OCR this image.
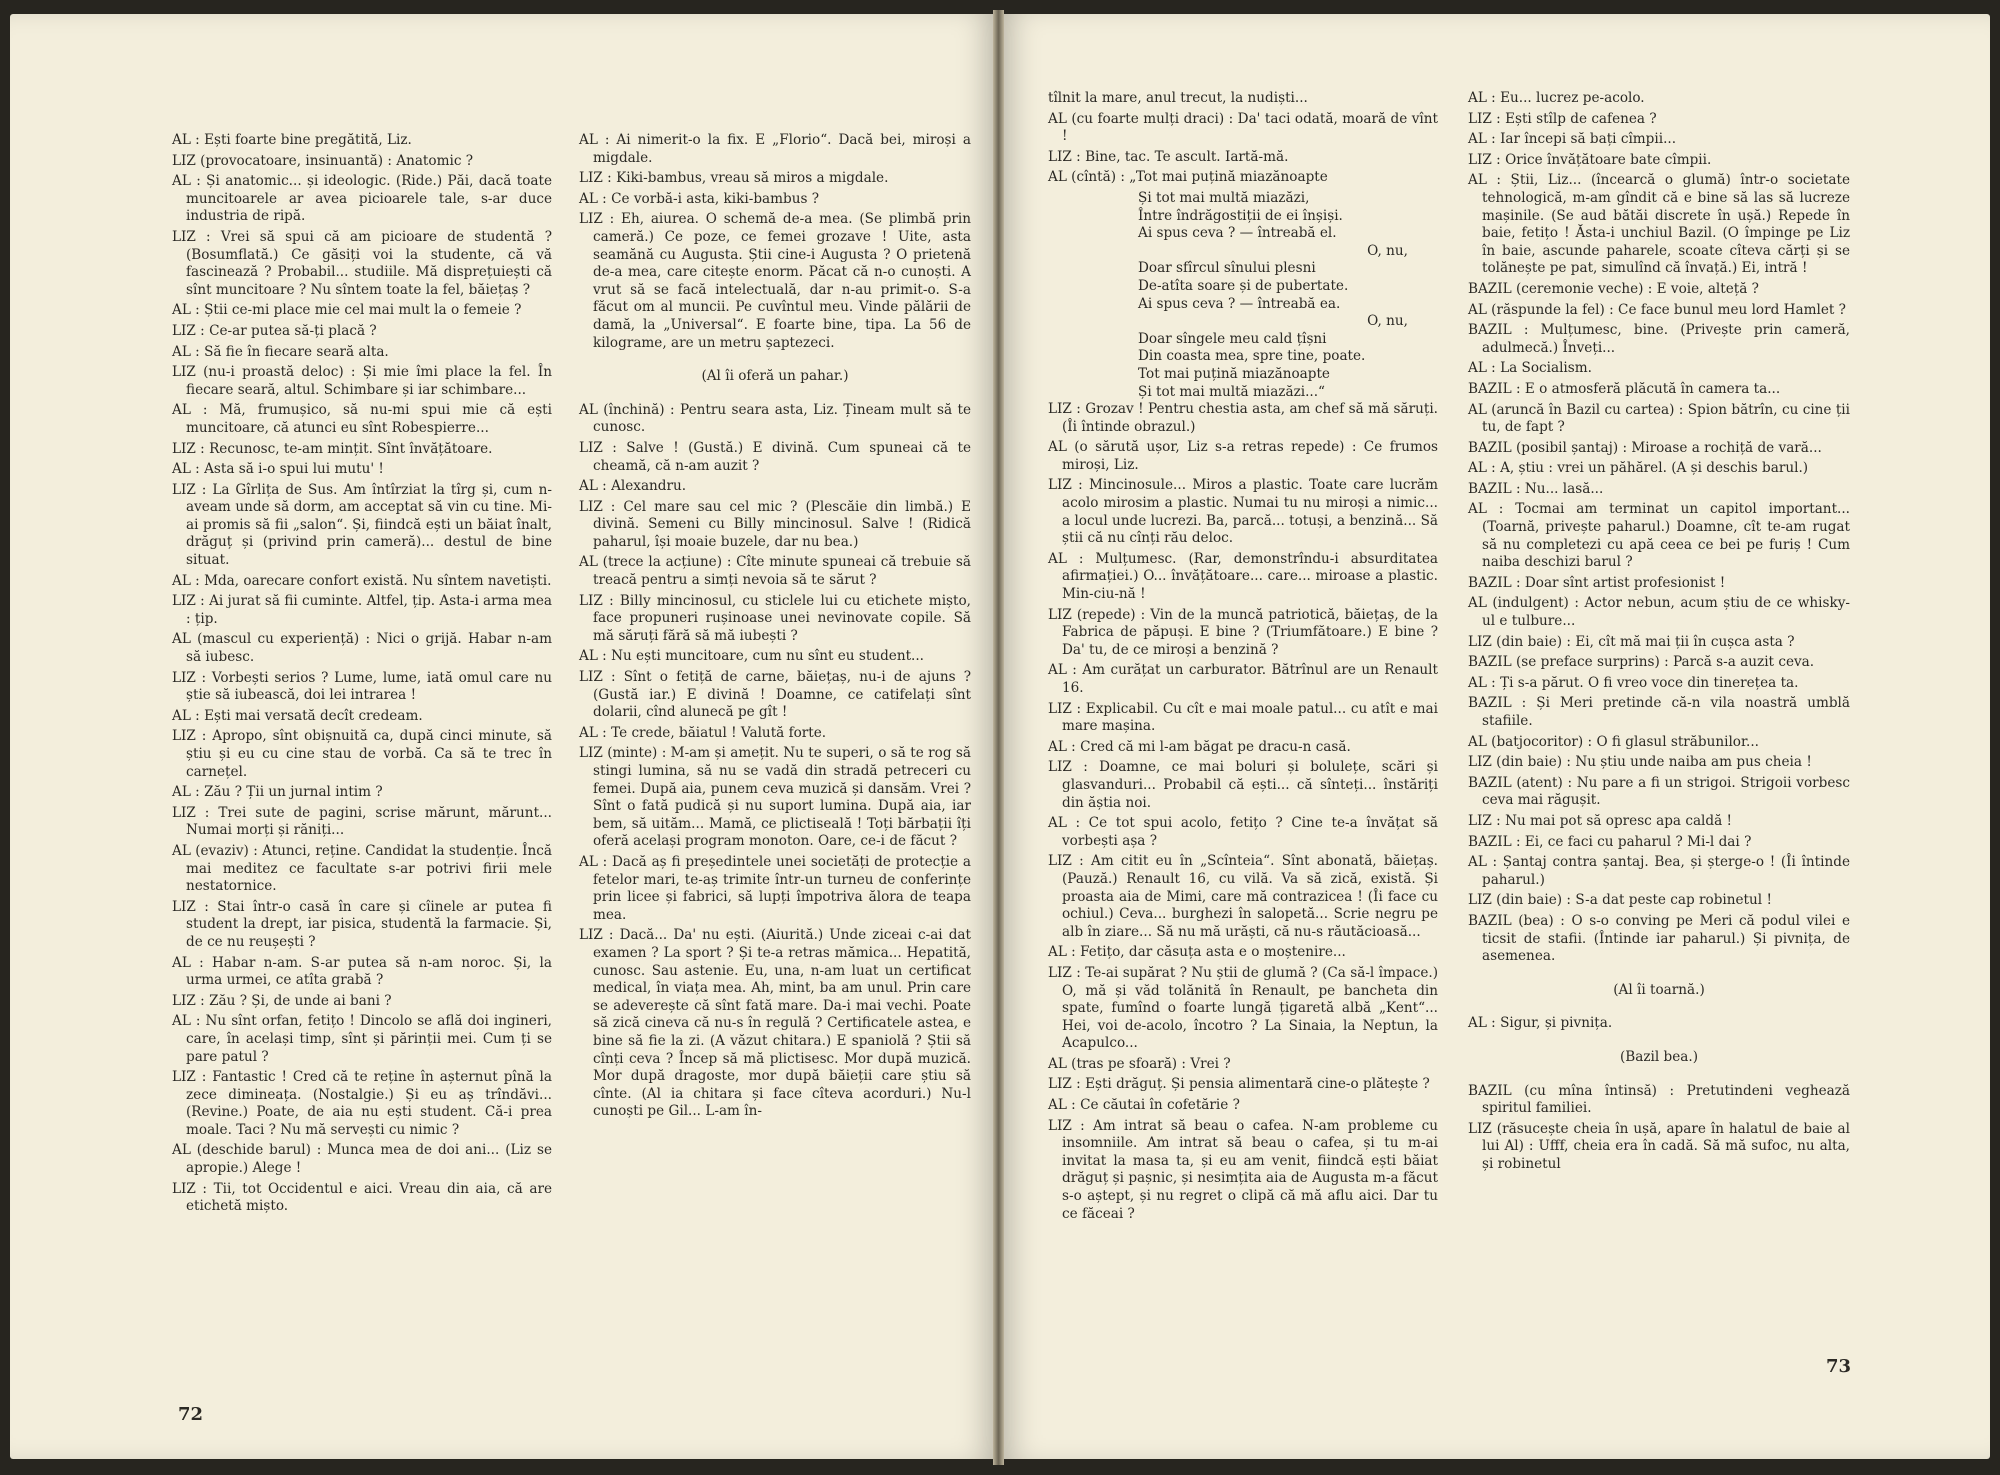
AL : Ești foarte bine pregătită, Liz.

LIZ (provocatoare, insinuantă) : Anatomic ?

AL : Și anatomic... și ideologic. (Ride.) Păi, dacă toate muncitoarele ar avea picioarele tale, s-ar duce industria de ripă.

LIZ : Vrei să spui că am picioare de studentă ? (Bosumflată.) Ce găsiți voi la studente, că vă fascinează ? Probabil... studiile. Mă disprețuiești că sînt muncitoare ? Nu sîntem toate la fel, băiețaș ?

AL : Știi ce-mi place mie cel mai mult la o femeie ?

LIZ : Ce-ar putea să-ți placă ?

AL : Să fie în fiecare seară alta.

LIZ (nu-i proastă deloc) : Și mie îmi place la fel. În fiecare seară, altul. Schimbare și iar schimbare...

AL : Mă, frumușico, să nu-mi spui mie că ești muncitoare, că atunci eu sînt Robespierre...

LIZ : Recunosc, te-am mințit. Sînt învățătoare.

AL : Asta să i-o spui lui mutu' !

LIZ : La Gîrlița de Sus. Am întîrziat la tîrg și, cum n-aveam unde să dorm, am acceptat să vin cu tine. Mi-ai promis să fii „salon“. Și, fiindcă ești un băiat înalt, drăguț și (privind prin cameră)... destul de bine situat.

AL : Mda, oarecare confort există. Nu sîntem navetiști.

LIZ : Ai jurat să fii cuminte. Altfel, țip. Asta-i arma mea : țip.

AL (mascul cu experiență) : Nici o grijă. Habar n-am să iubesc.

LIZ : Vorbești serios ? Lume, lume, iată omul care nu știe să iubească, doi lei intrarea !

AL : Ești mai versată decît credeam.

LIZ : Apropo, sînt obișnuită ca, după cinci minute, să știu și eu cu cine stau de vorbă. Ca să te trec în carnețel.

AL : Zău ? Ții un jurnal intim ?

LIZ : Trei sute de pagini, scrise mărunt, mărunt... Numai morți și răniți...

AL (evaziv) : Atunci, reține. Candidat la studenție. Încă mai meditez ce facultate s-ar potrivi firii mele nestatornice.

LIZ : Stai într-o casă în care și cîinele ar putea fi student la drept, iar pisica, studentă la farmacie. Și, de ce nu reușești ?

AL : Habar n-am. S-ar putea să n-am noroc. Și, la urma urmei, ce atîta grabă ?

LIZ : Zău ? Și, de unde ai bani ?

AL : Nu sînt orfan, fetițo ! Dincolo se află doi ingineri, care, în același timp, sînt și părinții mei. Cum ți se pare patul ?

LIZ : Fantastic ! Cred că te reține în așternut pînă la zece dimineața. (Nostalgie.) Și eu aș trîndăvi... (Revine.) Poate, de aia nu ești student. Că-i prea moale. Taci ? Nu mă servești cu nimic ?

AL (deschide barul) : Munca mea de doi ani... (Liz se apropie.) Alege !

LIZ : Tii, tot Occidentul e aici. Vreau din aia, că are etichetă mișto.

AL : Ai nimerit-o la fix. E „Florio“. Dacă bei, miroși a migdale.

LIZ : Kiki-bambus, vreau să miros a migdale.

AL : Ce vorbă-i asta, kiki-bambus ?

LIZ : Eh, aiurea. O schemă de-a mea. (Se plimbă prin cameră.) Ce poze, ce femei grozave ! Uite, asta seamănă cu Augusta. Știi cine-i Augusta ? O prietenă de-a mea, care citește enorm. Păcat că n-o cunoști. A vrut să se facă intelectuală, dar n-au primit-o. S-a făcut om al muncii. Pe cuvîntul meu. Vinde pălării de damă, la „Universal“. E foarte bine, tipa. La 56 de kilograme, are un metru șaptezeci.

(Al îi oferă un pahar.)

AL (închină) : Pentru seara asta, Liz. Țineam mult să te cunosc.

LIZ : Salve ! (Gustă.) E divină. Cum spuneai că te cheamă, că n-am auzit ?

AL : Alexandru.

LIZ : Cel mare sau cel mic ? (Plescăie din limbă.) E divină. Semeni cu Billy mincinosul. Salve ! (Ridică paharul, își moaie buzele, dar nu bea.)

AL (trece la acțiune) : Cîte minute spuneai că trebuie să treacă pentru a simți nevoia să te sărut ?

LIZ : Billy mincinosul, cu sticlele lui cu etichete mișto, face propuneri rușinoase unei nevinovate copile. Să mă săruți fără să mă iubești ?

AL : Nu ești muncitoare, cum nu sînt eu student...

LIZ : Sînt o fetiță de carne, băiețaș, nu-i de ajuns ? (Gustă iar.) E divină ! Doamne, ce catifelați sînt dolarii, cînd alunecă pe gît !

AL : Te crede, băiatul ! Valută forte.

LIZ (minte) : M-am și amețit. Nu te superi, o să te rog să stingi lumina, să nu se vadă din stradă petreceri cu femei. După aia, punem ceva muzică și dansăm. Vrei ? Sînt o fată pudică și nu suport lumina. După aia, iar bem, să uităm... Mamă, ce plictiseală ! Toți bărbații îți oferă același program monoton. Oare, ce-i de făcut ?

AL : Dacă aș fi președintele unei societăți de protecție a fetelor mari, te-aș trimite într-un turneu de conferințe prin licee și fabrici, să lupți împotriva ălora de teapa mea.

LIZ : Dacă... Da' nu ești. (Aiurită.) Unde ziceai c-ai dat examen ? La sport ? Și te-a retras mămica... Hepatită, cunosc. Sau astenie. Eu, una, n-am luat un certificat medical, în viața mea. Ah, mint, ba am unul. Prin care se adeverește că sînt fată mare. Da-i mai vechi. Poate să zică cineva că nu-s în regulă ? Certificatele astea, e bine să fie la zi. (A văzut chitara.) E spaniolă ? Știi să cînți ceva ? Încep să mă plictisesc. Mor după muzică. Mor după dragoste, mor după băieții care știu să cînte. (Al ia chitara și face cîteva acorduri.) Nu-l cunoști pe Gil... L-am în-

72

tîlnit la mare, anul trecut, la nudiști...

AL (cu foarte mulți draci) : Da' taci odată, moară de vînt !

LIZ : Bine, tac. Te ascult. Iartă-mă.

AL (cîntă) : „Tot mai puțină miazănoapte

Și tot mai multă miazăzi,

Între îndrăgostiții de ei înșiși.

Ai spus ceva ? — întreabă el.

O, nu,

Doar sfîrcul sînului plesni

De-atîta soare și de pubertate.

Ai spus ceva ? — întreabă ea.

O, nu,

Doar sîngele meu cald țîșni

Din coasta mea, spre tine, poate.

Tot mai puțină miazănoapte

Și tot mai multă miazăzi...“

LIZ : Grozav ! Pentru chestia asta, am chef să mă săruți. (Îi întinde obrazul.)

AL (o sărută ușor, Liz s-a retras repede) : Ce frumos miroși, Liz.

LIZ : Mincinosule... Miros a plastic. Toate care lucrăm acolo mirosim a plastic. Numai tu nu miroși a nimic... a locul unde lucrezi. Ba, parcă... totuși, a benzină... Să știi că nu cînți rău deloc.

AL : Mulțumesc. (Rar, demonstrîndu-i absurditatea afirmației.) O... învățătoare... care... miroase a plastic. Min-ciu-nă !

LIZ (repede) : Vin de la muncă patriotică, băiețaș, de la Fabrica de păpuși. E bine ? (Triumfătoare.) E bine ? Da' tu, de ce miroși a benzină ?

AL : Am curățat un carburator. Bătrînul are un Renault 16.

LIZ : Explicabil. Cu cît e mai moale patul... cu atît e mai mare mașina.

AL : Cred că mi l-am băgat pe dracu-n casă.

LIZ : Doamne, ce mai boluri și bolulețe, scări și glasvanduri... Probabil că ești... că sînteți... înstăriți din ăștia noi.

AL : Ce tot spui acolo, fetițo ? Cine te-a învățat să vorbești așa ?

LIZ : Am citit eu în „Scînteia“. Sînt abonată, băiețaș. (Pauză.) Renault 16, cu vilă. Va să zică, există. Și proasta aia de Mimi, care mă contrazicea ! (Îi face cu ochiul.) Ceva... burghezi în salopetă... Scrie negru pe alb în ziare... Să nu mă urăști, că nu-s răutăcioasă...

AL : Fetițo, dar căsuța asta e o moștenire...

LIZ : Te-ai supărat ? Nu știi de glumă ? (Ca să-l împace.) O, mă și văd tolănită în Renault, pe bancheta din spate, fumînd o foarte lungă țigaretă albă „Kent“... Hei, voi de-acolo, încotro ? La Sinaia, la Neptun, la Acapulco...

AL (tras pe sfoară) : Vrei ?

LIZ : Ești drăguț. Și pensia alimentară cine-o plătește ?

AL : Ce căutai în cofetărie ?

LIZ : Am intrat să beau o cafea. N-am probleme cu insomniile. Am intrat să beau o cafea, și tu m-ai invitat la masa ta, și eu am venit, fiindcă ești băiat drăguț și pașnic, și nesimțita aia de Augusta m-a făcut s-o aștept, și nu regret o clipă că mă aflu aici. Dar tu ce făceai ?

AL : Eu... lucrez pe-acolo.

LIZ : Ești stîlp de cafenea ?

AL : Iar începi să bați cîmpii...

LIZ : Orice învățătoare bate cîmpii.

AL : Știi, Liz... (încearcă o glumă) într-o societate tehnologică, m-am gîndit că e bine să las să lucreze mașinile. (Se aud bătăi discrete în ușă.) Repede în baie, fetițo ! Ăsta-i unchiul Bazil. (O împinge pe Liz în baie, ascunde paharele, scoate cîteva cărți și se tolănește pe pat, simulînd că învață.) Ei, intră !

BAZIL (ceremonie veche) : E voie, alteță ?

AL (răspunde la fel) : Ce face bunul meu lord Hamlet ?

BAZIL : Mulțumesc, bine. (Privește prin cameră, adulmecă.) Înveți...

AL : La Socialism.

BAZIL : E o atmosferă plăcută în camera ta...

AL (aruncă în Bazil cu cartea) : Spion bătrîn, cu cine ții tu, de fapt ?

BAZIL (posibil șantaj) : Miroase a rochiță de vară...

AL : A, știu : vrei un păhărel. (A și deschis barul.)

BAZIL : Nu... lasă...

AL : Tocmai am terminat un capitol important... (Toarnă, privește paharul.) Doamne, cît te-am rugat să nu completezi cu apă ceea ce bei pe furiș ! Cum naiba deschizi barul ?

BAZIL : Doar sînt artist profesionist !

AL (indulgent) : Actor nebun, acum știu de ce whisky-ul e tulbure...

LIZ (din baie) : Ei, cît mă mai ții în cușca asta ?

BAZIL (se preface surprins) : Parcă s-a auzit ceva.

AL : Ți s-a părut. O fi vreo voce din tinerețea ta.

BAZIL : Și Meri pretinde că-n vila noastră umblă stafiile.

AL (batjocoritor) : O fi glasul străbunilor...

LIZ (din baie) : Nu știu unde naiba am pus cheia !

BAZIL (atent) : Nu pare a fi un strigoi. Strigoii vorbesc ceva mai răgușit.

LIZ : Nu mai pot să opresc apa caldă !

BAZIL : Ei, ce faci cu paharul ? Mi-l dai ?

AL : Șantaj contra șantaj. Bea, și șterge-o ! (Îi întinde paharul.)

LIZ (din baie) : S-a dat peste cap robinetul !

BAZIL (bea) : O s-o conving pe Meri că podul vilei e ticsit de stafii. (Întinde iar paharul.) Și pivnița, de asemenea.

(Al îi toarnă.)

AL : Sigur, și pivnița.

(Bazil bea.)

BAZIL (cu mîna întinsă) : Pretutindeni veghează spiritul familiei.

LIZ (răsucește cheia în ușă, apare în halatul de baie al lui Al) : Ufff, cheia era în cadă. Să mă sufoc, nu alta, și robinetul

73
